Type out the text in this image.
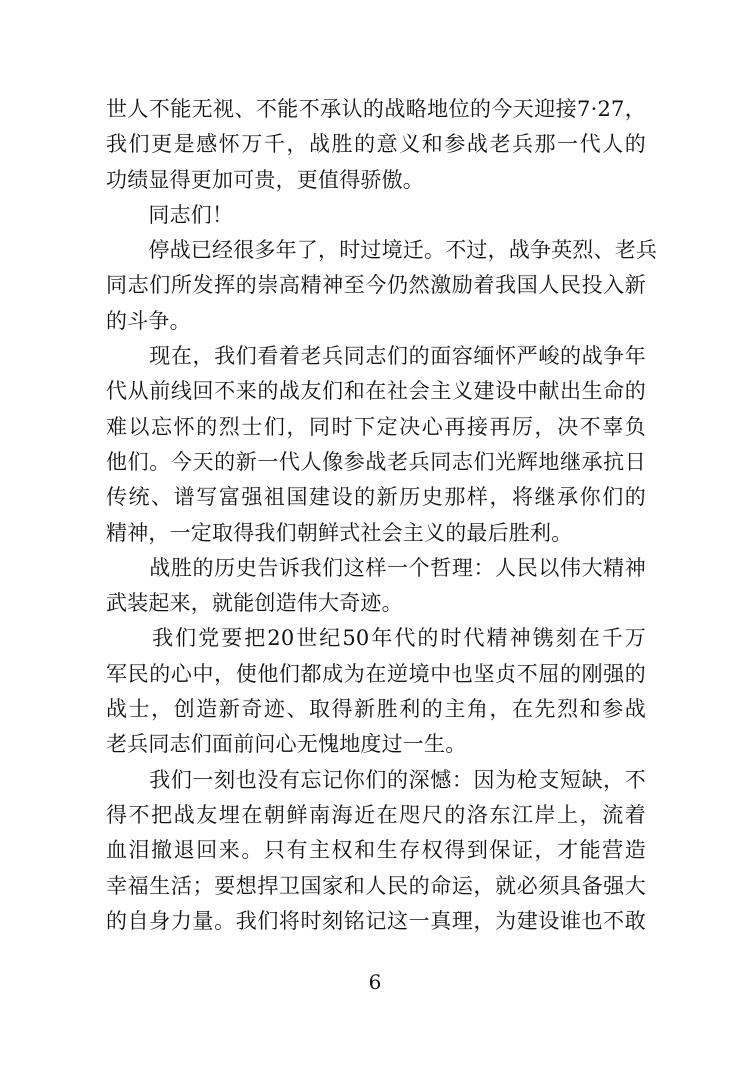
世人不能无视、不能不承认的战略地位的今天迎接7·27，
我们更是感怀万千，战胜的意义和参战老兵那一代人的
功绩显得更加可贵，更值得骄傲。
　　同志们！
　　停战已经很多年了，时过境迁。不过，战争英烈、老兵
同志们所发挥的崇高精神至今仍然激励着我国人民投入新
的斗争。
　　现在，我们看着老兵同志们的面容缅怀严峻的战争年
代从前线回不来的战友们和在社会主义建设中献出生命的
难以忘怀的烈士们，同时下定决心再接再厉，决不辜负
他们。今天的新一代人像参战老兵同志们光辉地继承抗日
传统、谱写富强祖国建设的新历史那样，将继承你们的
精神，一定取得我们朝鲜式社会主义的最后胜利。
　　战胜的历史告诉我们这样一个哲理：人民以伟大精神
武装起来，就能创造伟大奇迹。
　　我们党要把20世纪50年代的时代精神镌刻在千万
军民的心中，使他们都成为在逆境中也坚贞不屈的刚强的
战士，创造新奇迹、取得新胜利的主角，在先烈和参战
老兵同志们面前问心无愧地度过一生。
　　我们一刻也没有忘记你们的深憾：因为枪支短缺，不
得不把战友埋在朝鲜南海近在咫尺的洛东江岸上，流着
血泪撤退回来。只有主权和生存权得到保证，才能营造
幸福生活；要想捍卫国家和人民的命运，就必须具备强大
的自身力量。我们将时刻铭记这一真理，为建设谁也不敢
6
